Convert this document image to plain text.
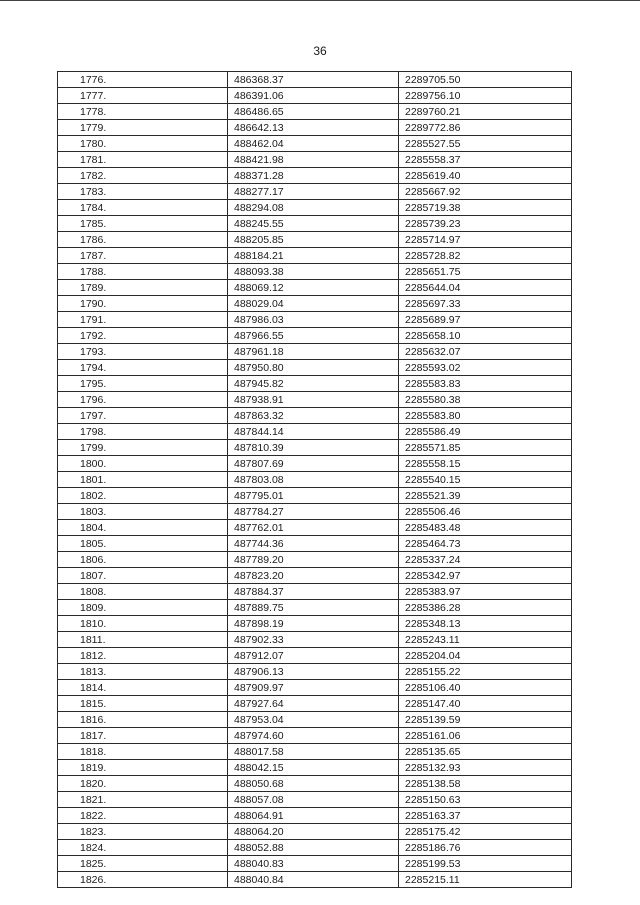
36
1776.	486368.37	2289705.50
1777.	486391.06	2289756.10
1778.	486486.65	2289760.21
1779.	486642.13	2289772.86
1780.	488462.04	2285527.55
1781.	488421.98	2285558.37
1782.	488371.28	2285619.40
1783.	488277.17	2285667.92
1784.	488294.08	2285719.38
1785.	488245.55	2285739.23
1786.	488205.85	2285714.97
1787.	488184.21	2285728.82
1788.	488093.38	2285651.75
1789.	488069.12	2285644.04
1790.	488029.04	2285697.33
1791.	487986.03	2285689.97
1792.	487966.55	2285658.10
1793.	487961.18	2285632.07
1794.	487950.80	2285593.02
1795.	487945.82	2285583.83
1796.	487938.91	2285580.38
1797.	487863.32	2285583.80
1798.	487844.14	2285586.49
1799.	487810.39	2285571.85
1800.	487807.69	2285558.15
1801.	487803.08	2285540.15
1802.	487795.01	2285521.39
1803.	487784.27	2285506.46
1804.	487762.01	2285483.48
1805.	487744.36	2285464.73
1806.	487789.20	2285337.24
1807.	487823.20	2285342.97
1808.	487884.37	2285383.97
1809.	487889.75	2285386.28
1810.	487898.19	2285348.13
1811.	487902.33	2285243.11
1812.	487912.07	2285204.04
1813.	487906.13	2285155.22
1814.	487909.97	2285106.40
1815.	487927.64	2285147.40
1816.	487953.04	2285139.59
1817.	487974.60	2285161.06
1818.	488017.58	2285135.65
1819.	488042.15	2285132.93
1820.	488050.68	2285138.58
1821.	488057.08	2285150.63
1822.	488064.91	2285163.37
1823.	488064.20	2285175.42
1824.	488052.88	2285186.76
1825.	488040.83	2285199.53
1826.	488040.84	2285215.11
